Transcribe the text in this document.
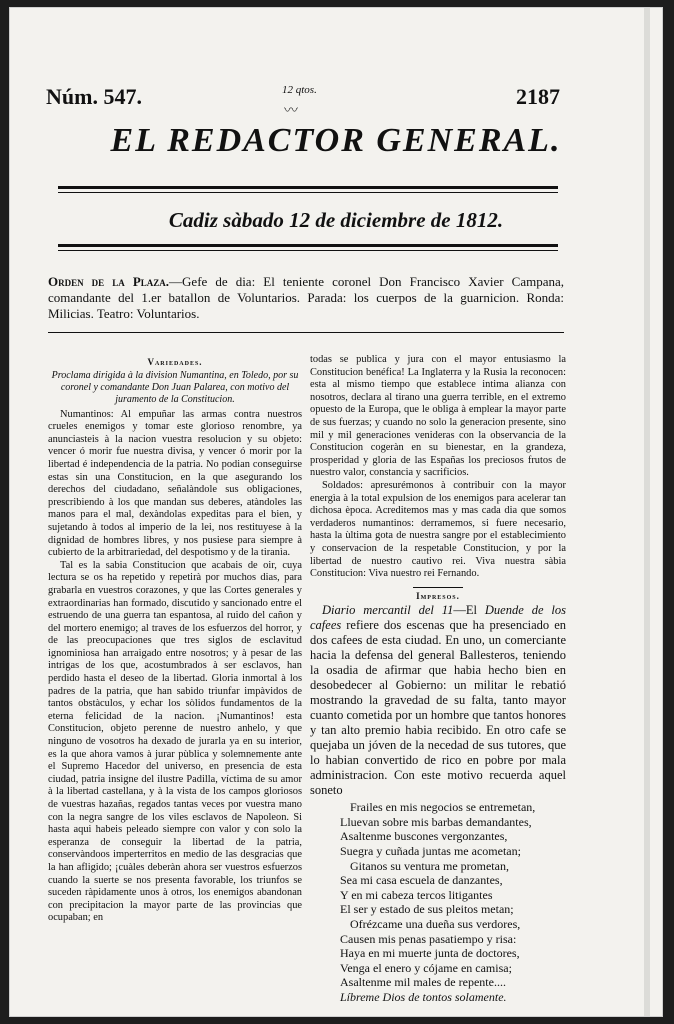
Núm. 547.	12 qtos.
〰
2187
EL REDACTOR GENERAL.
Cadiz sàbado 12 de diciembre de 1812.
Orden de la Plaza.—Gefe de dia: El teniente coronel Don Francisco Xavier Campana, comandante del 1.er batallon de Voluntarios. Parada: los cuerpos de la guarnicion. Ronda: Milicias. Teatro: Voluntarios.
Variedades.
Proclama dirigida à la division Numantina, en Toledo, por su coronel y comandante Don Juan Palarea, con motivo del juramento de la Constitucion.

Numantinos: Al empuñar las armas contra nuestros crueles enemigos y tomar este glorioso renombre, ya anunciasteis à la nacion vuestra resolucion y su objeto: vencer ó morir fue nuestra divisa, y vencer ó morir por la libertad é independencia de la patria. No podian conseguirse estas sin una Constitucion, en la que asegurando los derechos del ciudadano, señalàndole sus obligaciones, prescribiendo à los que mandan sus deberes, atàndoles las manos para el mal, dexàndolas expeditas para el bien, y sujetando à todos al imperio de la lei, nos restituyese à la dignidad de hombres libres, y nos pusiese para siempre à cubierto de la arbitrariedad, del despotismo y de la tiranìa.

Tal es la sabia Constitucion que acabais de oir, cuya lectura se os ha repetido y repetirà por muchos dias, para grabarla en vuestros corazones, y que las Cortes generales y extraordinarias han formado, discutido y sancionado entre el estruendo de una guerra tan espantosa, al ruido del cañon y del mortero enemigo; al traves de los esfuerzos del horror, y de las preocupaciones que tres siglos de esclavitud ignominiosa han arraigado entre nosotros; y à pesar de las intrigas de los que, acostumbrados à ser esclavos, han perdido hasta el deseo de la libertad. Gloria inmortal à los padres de la patria, que han sabido triunfar impàvidos de tantos obstàculos, y echar los sòlidos fundamentos de la eterna felicidad de la nacion. ¡Numantinos! esta Constitucion, objeto perenne de nuestro anhelo, y que ninguno de vosotros ha dexado de jurarla ya en su interior, es la que ahora vamos à jurar pùblica y solemnemente ante el Supremo Hacedor del universo, en presencia de esta ciudad, patria insigne del ilustre Padilla, víctima de su amor à la libertad castellana, y à la vista de los campos gloriosos de vuestras hazañas, regados tantas veces por vuestra mano con la negra sangre de los viles esclavos de Napoleon. Si hasta aqui habeis peleado siempre con valor y con solo la esperanza de conseguir la libertad de la patria, conservàndoos imperterritos en medio de las desgracias que la han afligido; ¡cuàles deberàn ahora ser vuestros esfuerzos cuando la suerte se nos presenta favorable, los triunfos se suceden ràpidamente unos à otros, los enemigos abandonan con precipitacion la mayor parte de las provincias que ocupaban; en

todas se publica y jura con el mayor entusiasmo la Constitucion benéfica! La Inglaterra y la Rusia la reconocen: esta al mismo tiempo que establece intima alianza con nosotros, declara al tirano una guerra terrible, en el extremo opuesto de la Europa, que le obliga à emplear la mayor parte de sus fuerzas; y cuando no solo la generacion presente, sino mil y mil generaciones venideras con la observancia de la Constitucion cogeràn en su bienestar, en la grandeza, prosperidad y gloria de las Españas los preciosos frutos de nuestro valor, constancia y sacrificios.

Soldados: apresurémonos à contribuir con la mayor energìa à la total expulsion de los enemigos para acelerar tan dichosa època. Acreditemos mas y mas cada dia que somos verdaderos numantinos: derramemos, si fuere necesario, hasta la ùltima gota de nuestra sangre por el establecimiento y conservacion de la respetable Constitucion, y por la libertad de nuestro cautivo rei. Viva nuestra sàbia Constitucion: Viva nuestro rei Fernando.

Impresos.

Diario mercantil del 11—El Duende de los cafees refiere dos escenas que ha presenciado en dos cafees de esta ciudad. En uno, un comerciante hacia la defensa del general Ballesteros, teniendo la osadia de afirmar que habia hecho bien en desobedecer al Gobierno: un militar le rebatió mostrando la gravedad de su falta, tanto mayor cuanto cometida por un hombre que tantos honores y tan alto premio habia recibido. En otro cafe se quejaba un jóven de la necedad de sus tutores, que lo habian convertido de rico en pobre por mala administracion. Con este motivo recuerda aquel soneto

Frailes en mis negocios se entremetan,
Lluevan sobre mis barbas demandantes,
Asaltenme buscones vergonzantes,
Suegra y cuñada juntas me acometan;
Gitanos su ventura me prometan,
Sea mi casa escuela de danzantes,
Y en mi cabeza tercos litigantes
El ser y estado de sus pleitos metan;
Ofrézcame una dueña sus verdores,
Causen mis penas pasatiempo y risa:
Haya en mi muerte junta de doctores,
Venga el enero y cójame en camisa;
Asaltenme mil males de repente....
Líbreme Dios de tontos solamente.
